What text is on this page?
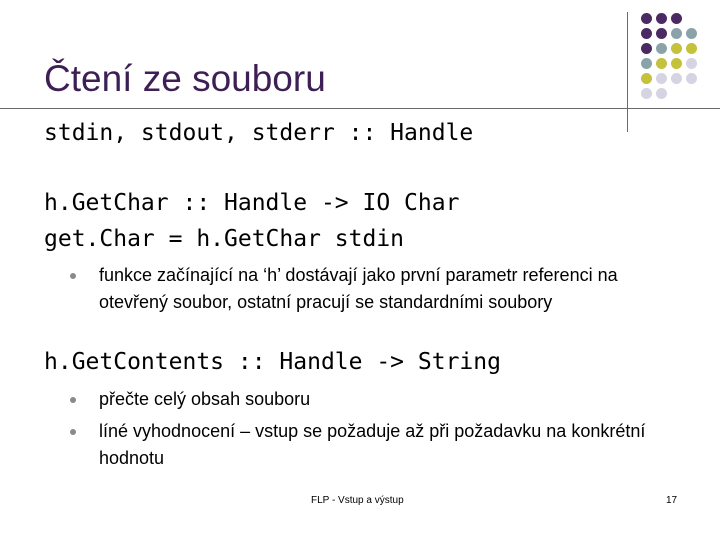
Čtení ze souboru
stdin, stdout, stderr :: Handle
h.GetChar :: Handle -> IO Char
get.Char = h.GetChar stdin
funkce začínající na ‘h’ dostávají jako první parametr referenci na otevřený soubor, ostatní pracují se standardními soubory
h.GetContents :: Handle -> String
přečte celý obsah souboru
líné vyhodnocení – vstup se požaduje až při požadavku na konkrétní hodnotu
FLP - Vstup a výstup	17
